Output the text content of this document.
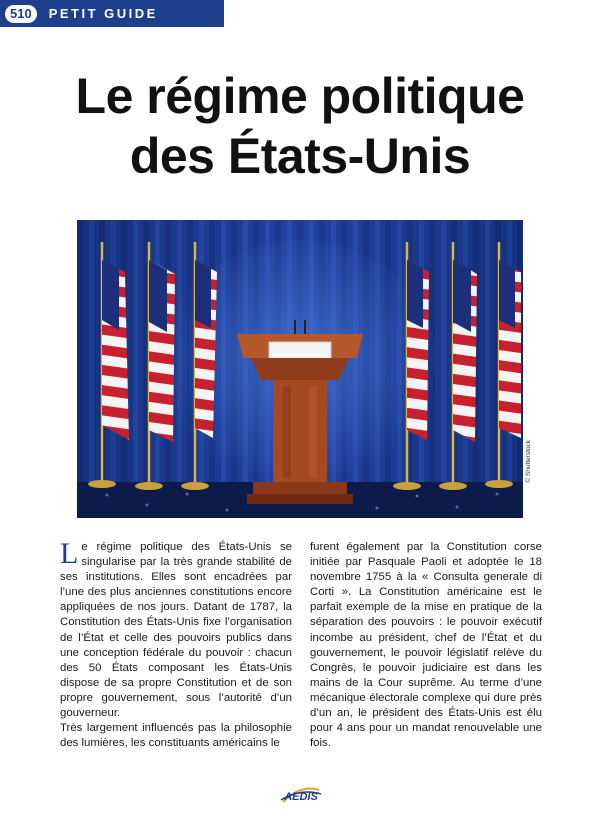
510	PETIT GUIDE
Le régime politique
des États-Unis
© Shutterstock

Le régime politique des États-Unis se singularise par la très grande stabilité de ses institutions. Elles sont encadrées par l’une des plus anciennes constitutions encore appliquées de nos jours. Datant de 1787, la Constitution des États-Unis fixe l’organisation de l’État et celle des pouvoirs publics dans une conception fédérale du pouvoir : chacun des 50 États composant les États-Unis dispose de sa propre Constitution et de son propre gouvernement, sous l’autorité d’un gouverneur.

Très largement influencés pas la philosophie des lumières, les constituants américains le

furent également par la Constitution corse initiée par Pasquale Paoli et adoptée le 18 novembre 1755 à la « Consulta generale di Corti ». La Constitution américaine est le parfait exemple de la mise en pratique de la séparation des pouvoirs : le pouvoir exécutif incombe au président, chef de l’État et du gouvernement, le pouvoir législatif relève du Congrès, le pouvoir judiciaire est dans les mains de la Cour suprême. Au terme d’une mécanique électorale complexe qui dure près d’un an, le président des États-Unis est élu pour 4 ans pour un mandat renouvelable une fois.

AEDIS
